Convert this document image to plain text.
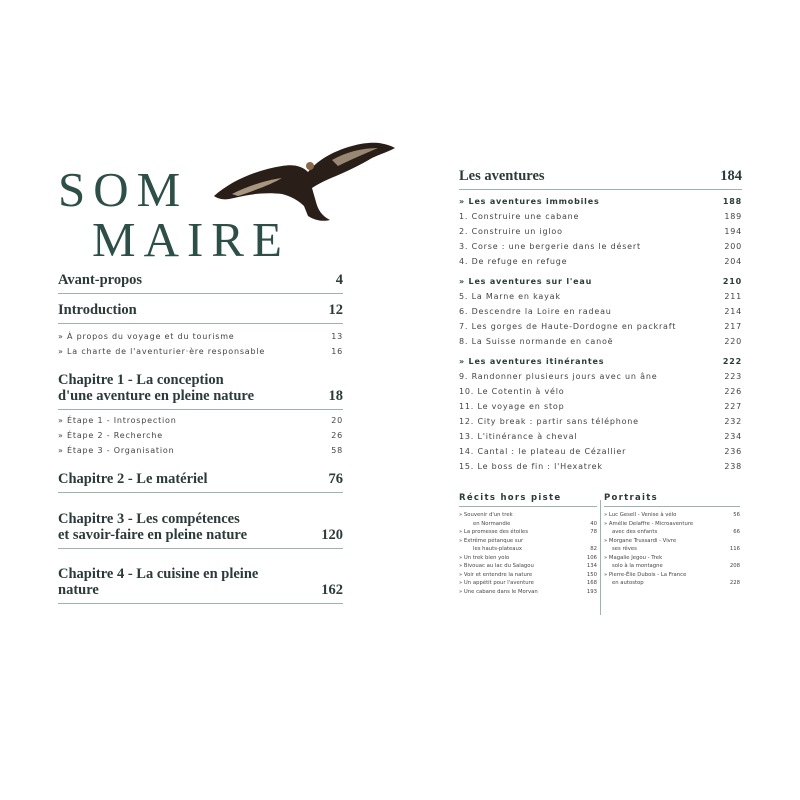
SOM
MAIRE
Avant-propos	4
Introduction	12
» À propos du voyage et du tourisme	13
» La charte de l'aventurier·ère responsable	16
Chapitre 1 - La conception
d'une aventure en pleine nature	18
» Étape 1 - Introspection	20
» Étape 2 - Recherche	26
» Étape 3 - Organisation	58
Chapitre 2 - Le matériel	76
Chapitre 3 - Les compétences
et savoir-faire en pleine nature	120
Chapitre 4 - La cuisine en pleine
nature	162
Les aventures	184
» Les aventures immobiles	188
1. Construire une cabane	189
2. Construire un igloo	194
3. Corse : une bergerie dans le désert	200
4. De refuge en refuge	204
» Les aventures sur l'eau	210
5. La Marne en kayak	211
6. Descendre la Loire en radeau	214
7. Les gorges de Haute-Dordogne en packraft	217
8. La Suisse normande en canoë	220
» Les aventures itinérantes	222
9. Randonner plusieurs jours avec un âne	223
10. Le Cotentin à vélo	226
11. Le voyage en stop	227
12. City break : partir sans téléphone	232
13. L'itinérance à cheval	234
14. Cantal : le plateau de Cézallier	236
15. Le boss de fin : l'Hexatrek	238
Récits hors piste
» Souvenir d'un trek
en Normandie	40
» La promesse des étoiles	78
» Extrême pétanque sur
les hauts-plateaux	82
» Un trek bien yolo	106
» Bivouac au lac du Salagou	134
» Voir et entendre la nature	150
» Un appétit pour l'aventure	168
» Une cabane dans le Morvan	193
Portraits
» Luc Gesell - Venise à vélo	56
» Amélie Delaffre - Microaventure
avec des enfants	66
» Morgane Trussardi - Vivre
ses rêves	116
» Magalie Jegou - Trek
solo à la montagne	208
» Pierre-Élie Dubois - La France
en autostop	228
